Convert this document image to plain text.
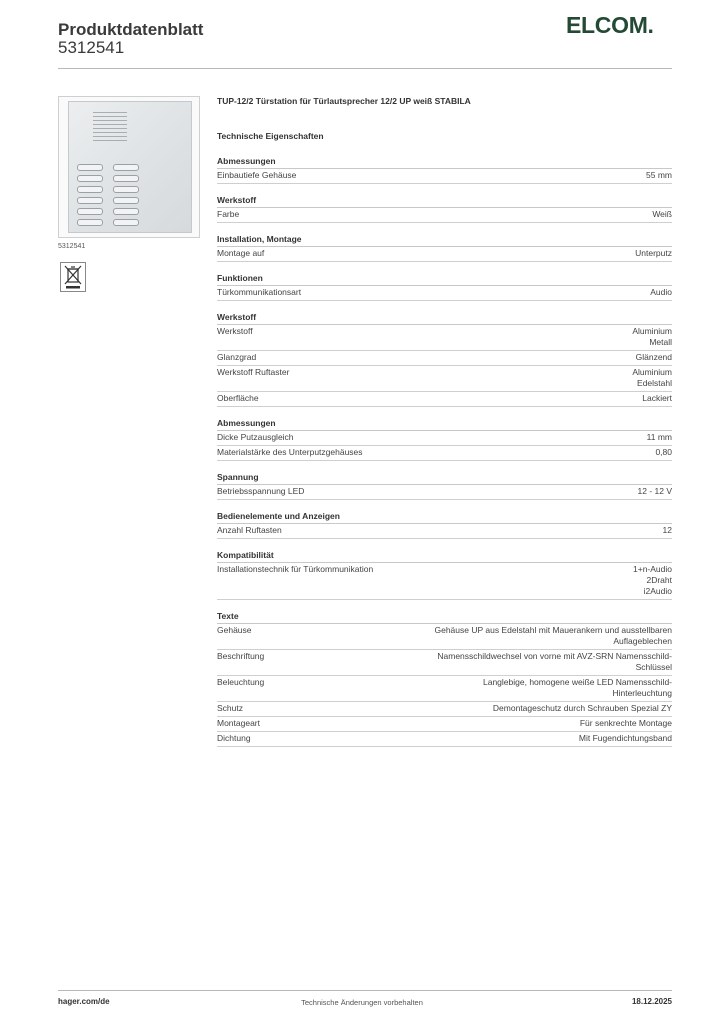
Produktdatenblatt
5312541
ELCOM.
5312541
TUP-12/2 Türstation für Türlautsprecher 12/2 UP weiß STABILA
Technische Eigenschaften
Abmessungen
Einbautiefe Gehäuse	55 mm
Werkstoff
Farbe	Weiß
Installation, Montage
Montage auf	Unterputz
Funktionen
Türkommunikationsart	Audio
Werkstoff
Werkstoff	Aluminium
Metall
Glanzgrad	Glänzend
Werkstoff Ruftaster	Aluminium
Edelstahl
Oberfläche	Lackiert
Abmessungen
Dicke Putzausgleich	11 mm
Materialstärke des Unterputzgehäuses	0,80
Spannung
Betriebsspannung LED	12 - 12 V
Bedienelemente und Anzeigen
Anzahl Ruftasten	12
Kompatibilität
Installationstechnik für Türkommunikation	1+n-Audio
2Draht
i2Audio
Texte
Gehäuse	Gehäuse UP aus Edelstahl mit Mauerankern und ausstellbaren
Auflageblechen
Beschriftung	Namensschildwechsel von vorne mit AVZ-SRN Namensschild-
Schlüssel
Beleuchtung	Langlebige, homogene weiße LED Namensschild-
Hinterleuchtung
Schutz	Demontageschutz durch Schrauben Spezial ZY
Montageart	Für senkrechte Montage
Dichtung	Mit Fugendichtungsband
hager.com/de	Technische Änderungen vorbehalten	18.12.2025
